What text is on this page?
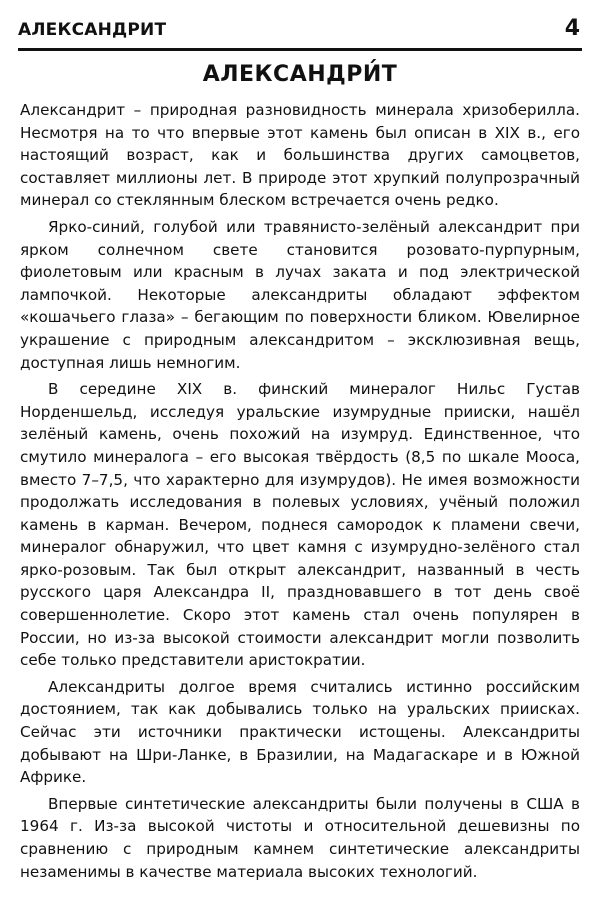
АЛЕКСАНДРИТ	4
АЛЕКСАНДРИ́Т

Александрит – природная разновидность минерала хризоберилла. Несмотря на то что впервые этот камень был описан в XIX в., его настоящий возраст, как и большинства других самоцветов, составляет миллионы лет. В природе этот хрупкий полупрозрачный минерал со стеклянным блеском встречается очень редко.

Ярко-синий, голубой или травянисто-зелёный александрит при ярком солнечном свете становится розовато-пурпурным, фиолетовым или красным в лучах заката и под электрической лампочкой. Некоторые александриты обладают эффектом «кошачьего глаза» – бегающим по поверхности бликом. Ювелирное украшение с природным александритом – эксклюзивная вещь, доступная лишь немногим.

В середине XIX в. финский минералог Нильс Густав Норденшельд, исследуя уральские изумрудные прииски, нашёл зелёный камень, очень похожий на изумруд. Единственное, что смутило минералога – его высокая твёрдость (8,5 по шкале Мооса, вместо 7–7,5, что характерно для изумрудов). Не имея возможности продолжать исследования в полевых условиях, учёный положил камень в карман. Вечером, поднеся самородок к пламени свечи, минералог обнаружил, что цвет камня с изумрудно-зелёного стал ярко-розовым. Так был открыт александрит, названный в честь русского царя Александра II, праздновавшего в тот день своё совершеннолетие. Скоро этот камень стал очень популярен в России, но из-за высокой стоимости александрит могли позволить себе только представители аристократии.

Александриты долгое время считались истинно российским достоянием, так как добывались только на уральских приисках. Сейчас эти источники практически истощены. Александриты добывают на Шри-Ланке, в Бразилии, на Мадагаскаре и в Южной Африке.

Впервые синтетические александриты были получены в США в 1964 г. Из-за высокой чистоты и относительной дешевизны по сравнению с природным камнем синтетические александриты незаменимы в качестве материала высоких технологий.
